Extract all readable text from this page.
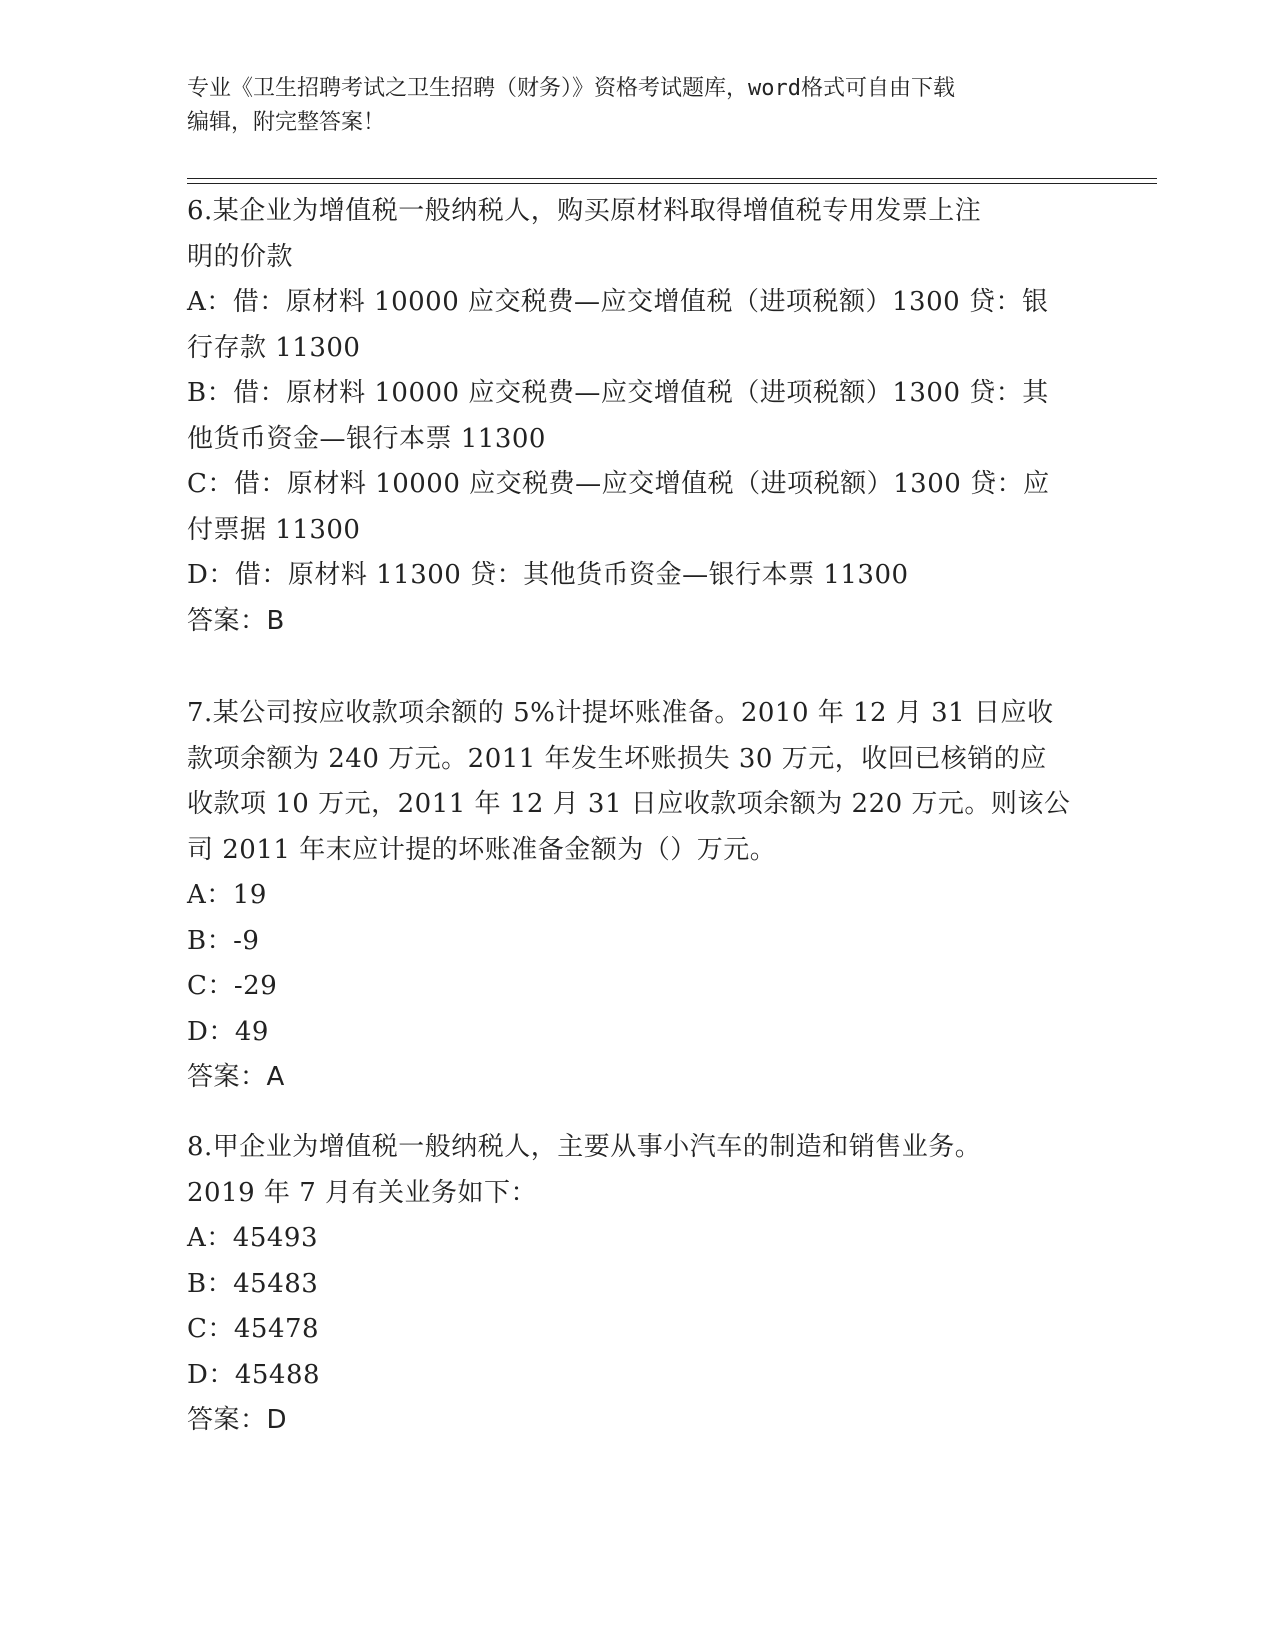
专业《卫生招聘考试之卫生招聘（财务）》资格考试题库，word格式可自由下载
编辑，附完整答案！
6.某企业为增值税一般纳税人，购买原材料取得增值税专用发票上注
明的价款
A：借：原材料 10000 应交税费—应交增值税（进项税额）1300 贷：银
行存款 11300
B：借：原材料 10000 应交税费—应交增值税（进项税额）1300 贷：其
他货币资金—银行本票 11300
C：借：原材料 10000 应交税费—应交增值税（进项税额）1300 贷：应
付票据 11300
D：借：原材料 11300 贷：其他货币资金—银行本票 11300
答案：B
7.某公司按应收款项余额的 5%计提坏账准备。2010 年 12 月 31 日应收
款项余额为 240 万元。2011 年发生坏账损失 30 万元，收回已核销的应
收款项 10 万元，2011 年 12 月 31 日应收款项余额为 220 万元。则该公
司 2011 年末应计提的坏账准备金额为（）万元。
A：19
B：-9
C：-29
D：49
答案：A
8.甲企业为增值税一般纳税人，主要从事小汽车的制造和销售业务。
2019 年 7 月有关业务如下：
A：45493
B：45483
C：45478
D：45488
答案：D
